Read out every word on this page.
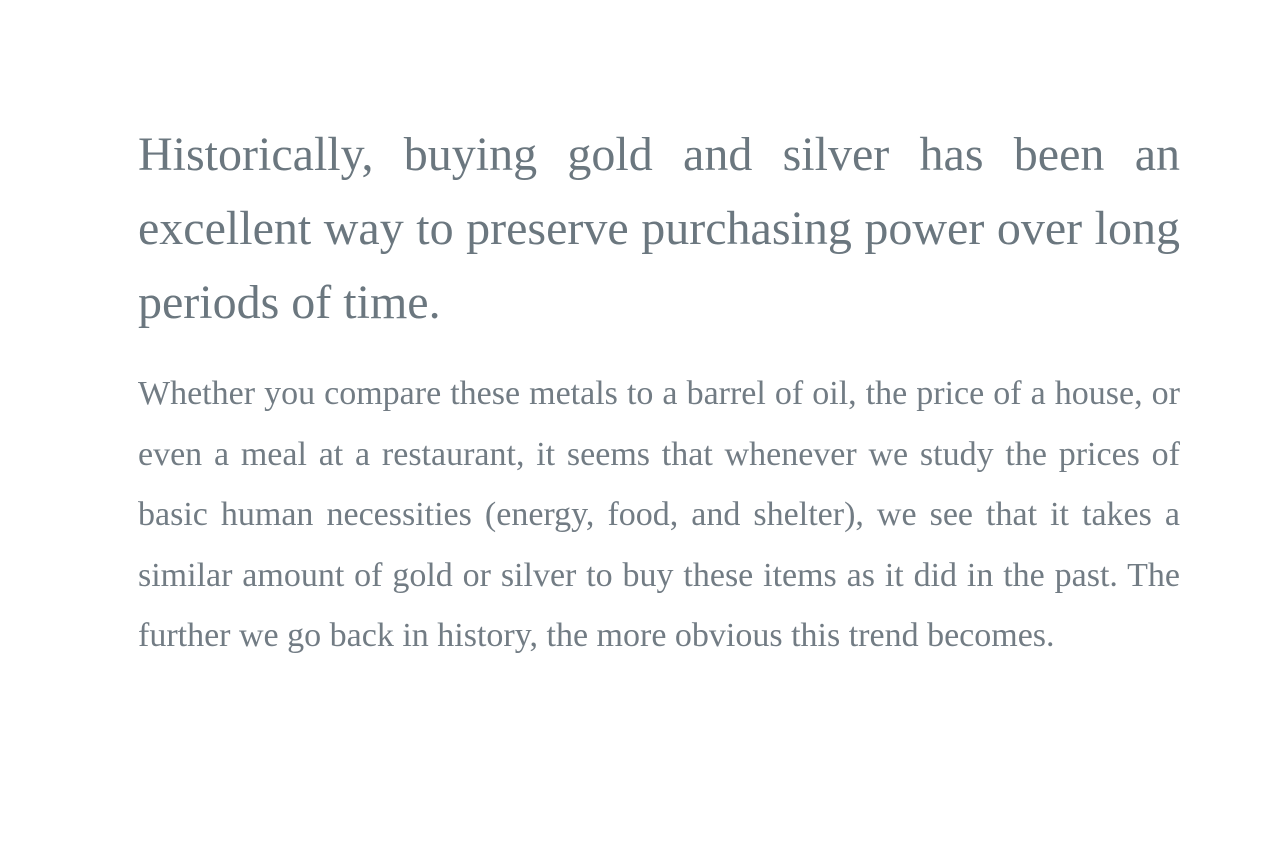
Historically, buying gold and silver has been an excellent way to preserve purchasing power over long periods of time.

Whether you compare these metals to a barrel of oil, the price of a house, or even a meal at a restaurant, it seems that whenever we study the prices of basic human necessities (energy, food, and shelter), we see that it takes a similar amount of gold or silver to buy these items as it did in the past. The further we go back in history, the more obvious this trend becomes.
